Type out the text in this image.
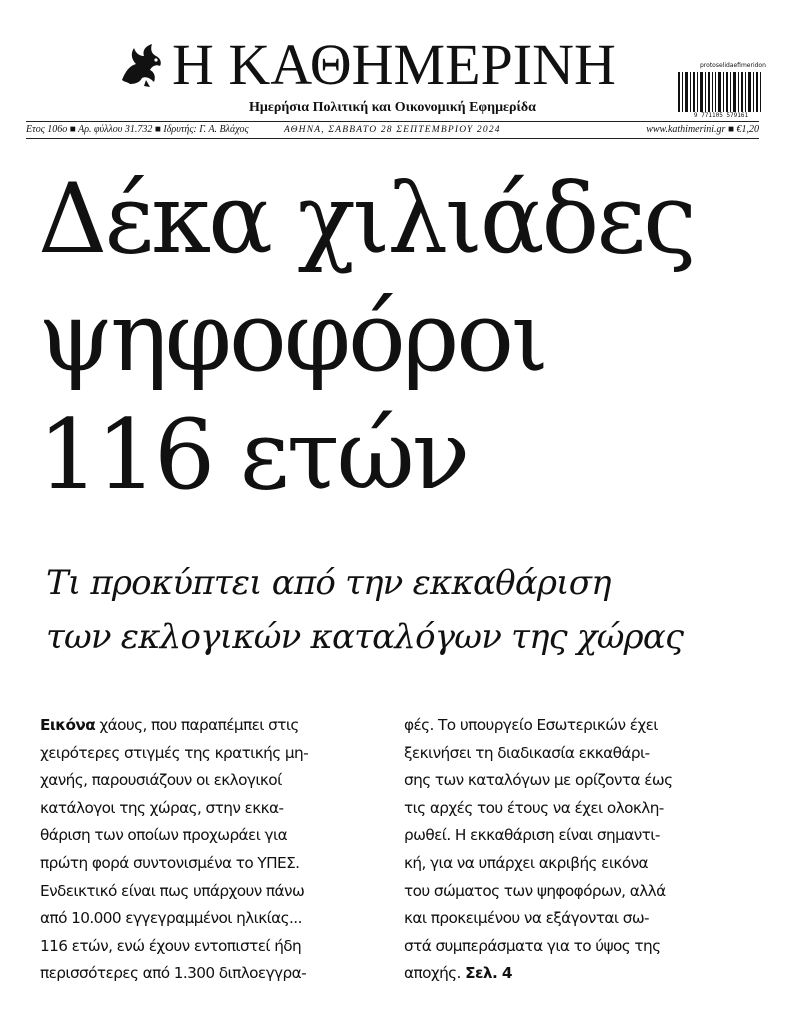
Η ΚΑΘΗΜΕΡΙΝΗ	protoselidaefimeridon
9 771105 579161
Ημερήσια Πολιτική και Οικονομική Εφημερίδα
Ετος 106ο ■ Αρ. φύλλου 31.732 ■ Ιδρυτής: Γ. Α. Βλάχος	ΑΘΗΝΑ, ΣΑΒΒΑΤΟ 28 ΣΕΠΤΕΜΒΡΙΟΥ 2024	www.kathimerini.gr ■ €1,20
Δέκα χιλιάδες
ψηφοφόροι
116 ετών
Τι προκύπτει από την εκκαθάριση
των εκλογικών καταλόγων της χώρας
Εικόνα χάους, που παραπέμπει στις
χειρότερες στιγμές της κρατικής μη-
χανής, παρουσιάζουν οι εκλογικοί
κατάλογοι της χώρας, στην εκκα-
θάριση των οποίων προχωράει για
πρώτη φορά συντονισμένα το ΥΠΕΣ.
Ενδεικτικό είναι πως υπάρχουν πάνω
από 10.000 εγγεγραμμένοι ηλικίας...
116 ετών, ενώ έχουν εντοπιστεί ήδη
περισσότερες από 1.300 διπλοεγγρα-
φές. Το υπουργείο Εσωτερικών έχει
ξεκινήσει τη διαδικασία εκκαθάρι-
σης των καταλόγων με ορίζοντα έως
τις αρχές του έτους να έχει ολοκλη-
ρωθεί. Η εκκαθάριση είναι σημαντι-
κή, για να υπάρχει ακριβής εικόνα
του σώματος των ψηφοφόρων, αλλά
και προκειμένου να εξάγονται σω-
στά συμπεράσματα για το ύψος της
αποχής. Σελ. 4
